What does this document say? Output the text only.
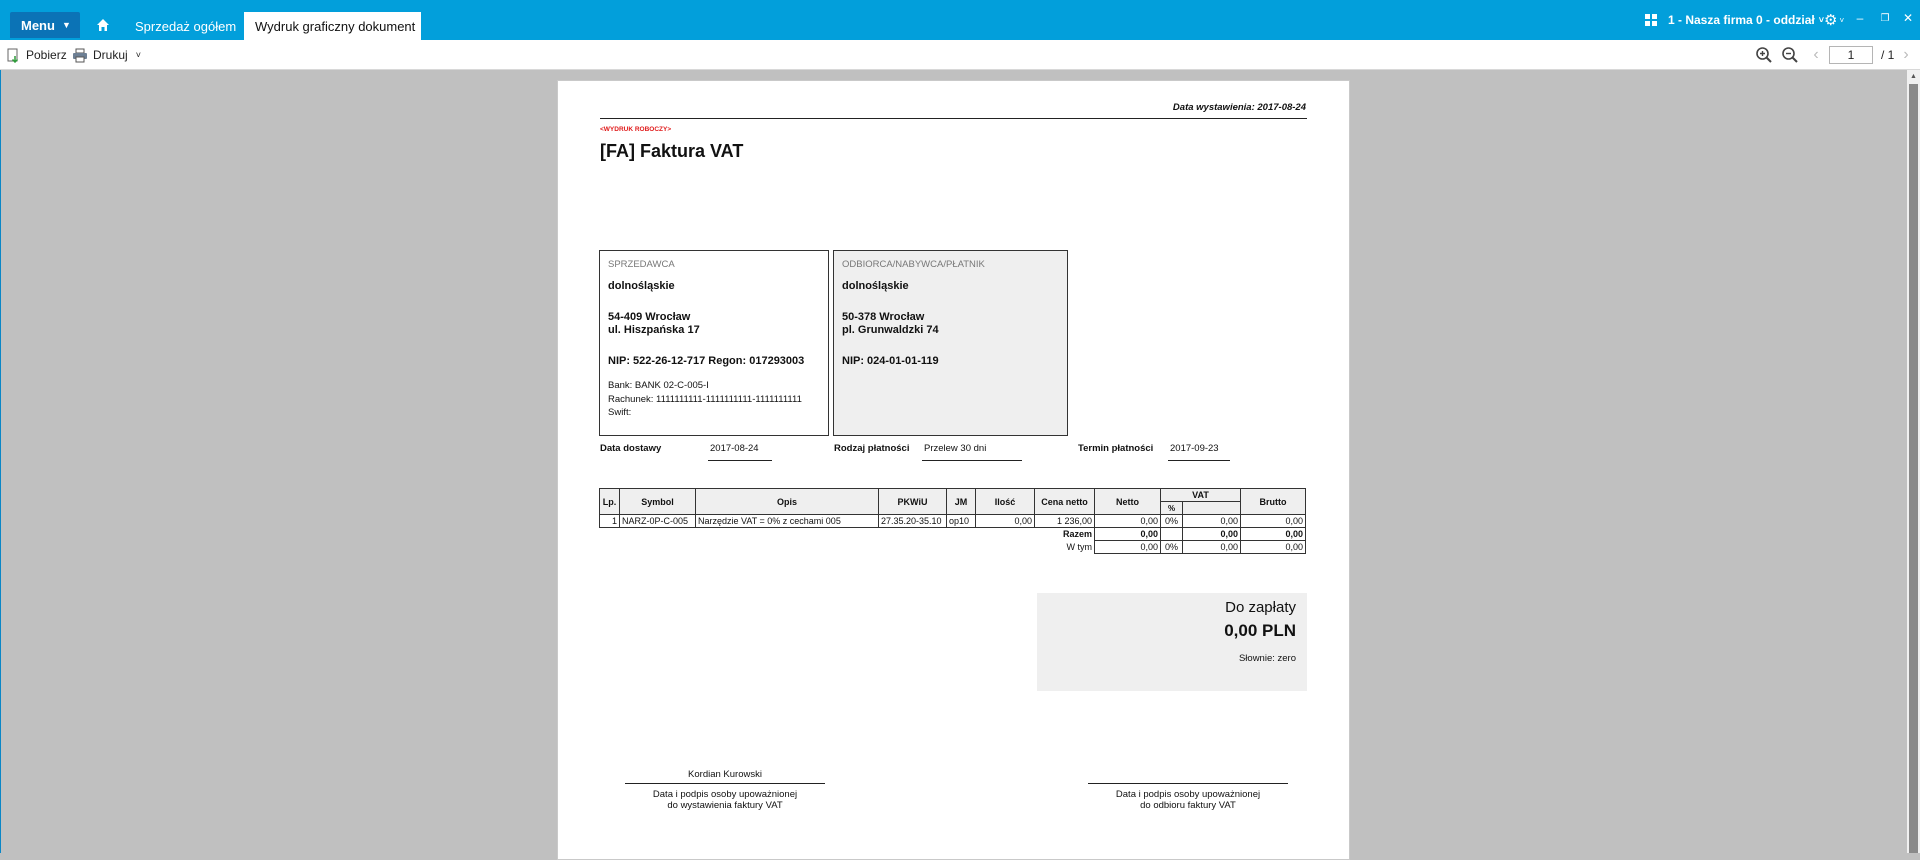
Menu ▼	Sprzedaż ogółem Wydruk graficzny dokument	1 - Nasza firma 0 - oddział ˅ ⚙ ˅ – ❐ ✕
Pobierz Drukuj ˅	‹
1	/ 1 ›
▲
Data wystawienia: 2017-08-24
<WYDRUK ROBOCZY>
[FA] Faktura VAT
SPRZEDAWCA
dolnośląskie
54-409 Wrocław
ul. Hiszpańska 17
NIP: 522-26-12-717 Regon: 017293003
Bank: BANK 02-C-005-I
Rachunek: 1111111111-1111111111-1111111111
Swift:
ODBIORCA/NABYWCA/PŁATNIK
dolnośląskie
50-378 Wrocław
pl. Grunwaldzki 74
NIP: 024-01-01-119
Data dostawy	2017-08-24	Rodzaj płatności Przelew 30 dni	Termin płatności 2017-09-23
Lp.	Symbol	Opis	PKWiU	JM	Ilość	Cena netto	Netto	VAT		Brutto
								%		
1	NARZ-0P-C-005	Narzędzie VAT = 0% z cechami 005	27.35.20-35.10	op10	0,00	1 236,00	0,00	0%	0,00	0,00
						Razem	0,00		0,00	0,00
						W tym	0,00	0%	0,00	0,00
Do zapłaty
0,00 PLN
Słownie: zero
Kordian Kurowski
Data i podpis osoby upoważnionej
do wystawienia faktury VAT
Data i podpis osoby upoważnionej
do odbioru faktury VAT
